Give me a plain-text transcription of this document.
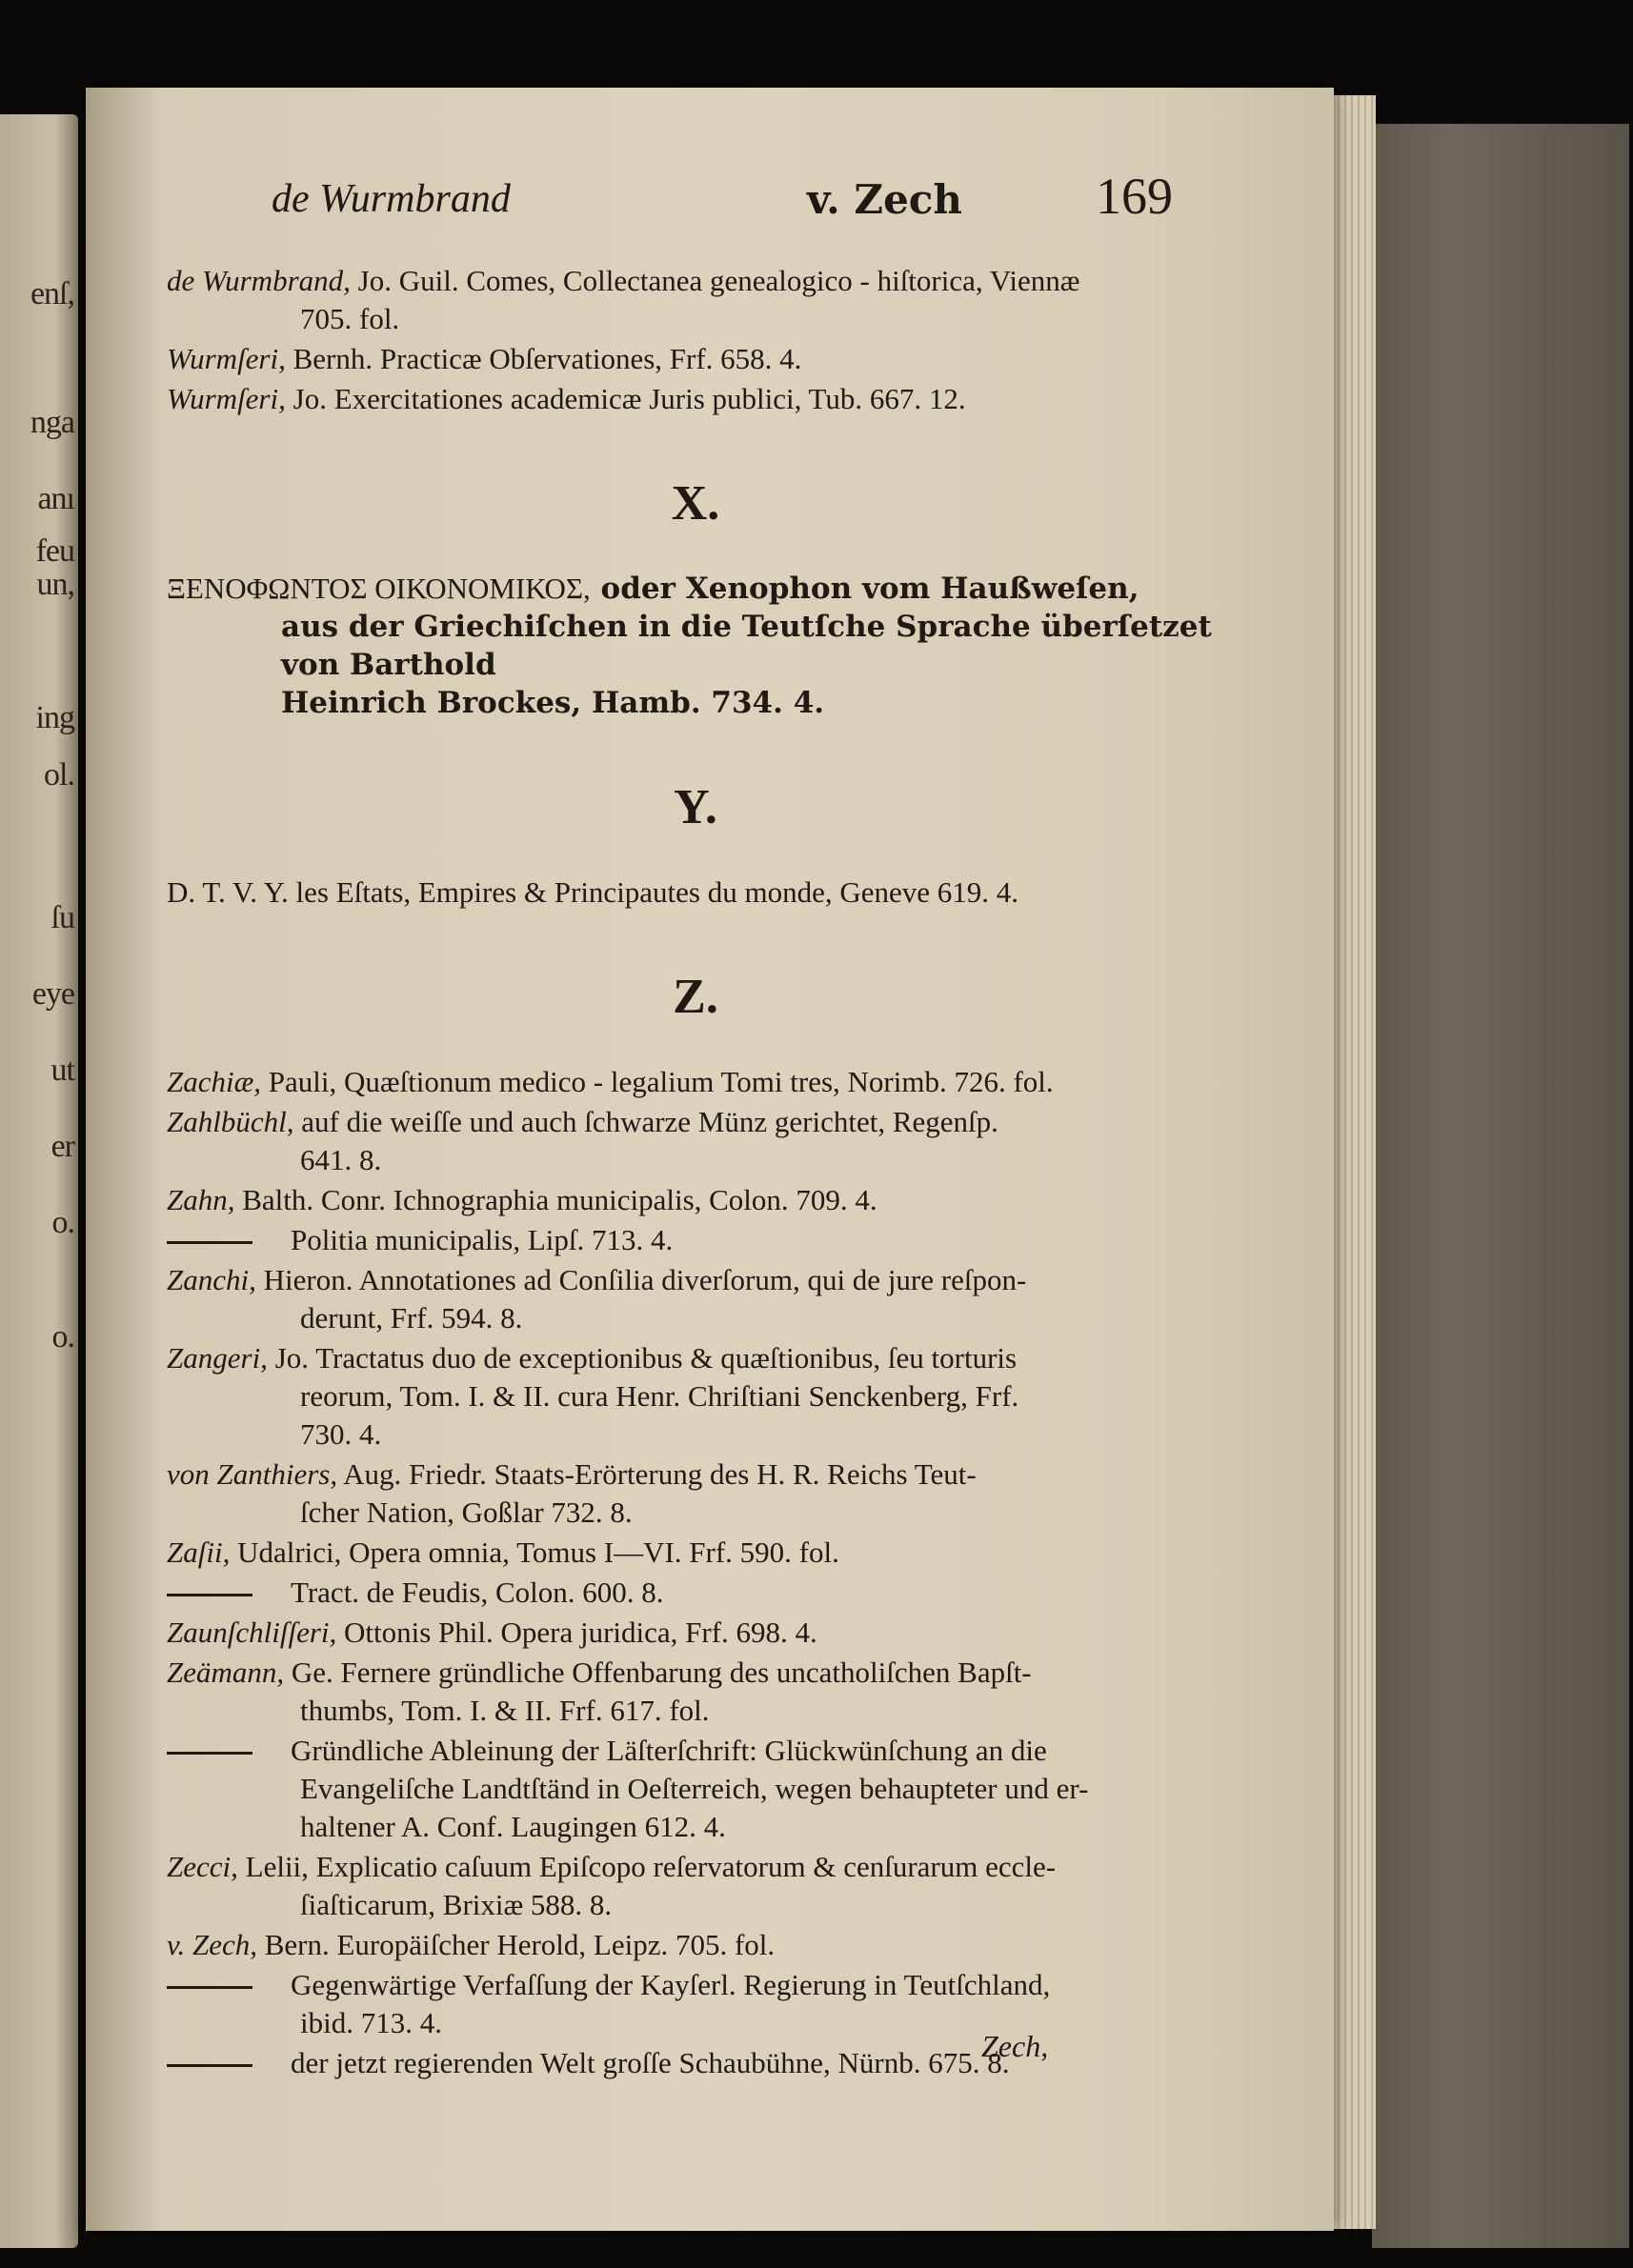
enſ,
nga
anı
feu
un,
ing
ol.
ſu
eye
ut
er
o.
o.
de Wurmbrand	v. Zech	169
de Wurmbrand, Jo. Guil. Comes, Collectanea genealogico - hiſtorica, Viennæ
705. fol.
Wurmſeri, Bernh. Practicæ Obſervationes, Frf. 658. 4.
Wurmſeri, Jo. Exercitationes academicæ Juris publici, Tub. 667. 12.
X.
ΞΕΝΟΦΩΝΤΟΣ ΟΙΚΟΝΟΜΙΚΟΣ, oder Xenophon vom Haußweſen,
aus der Griechiſchen in die Teutſche Sprache überſetzet von Barthold
Heinrich Brockes, Hamb. 734. 4.
Y.
D. T. V. Y. les Eſtats, Empires & Principautes du monde, Geneve 619. 4.
Z.
Zachiæ, Pauli, Quæſtionum medico - legalium Tomi tres, Norimb. 726. fol.
Zahlbüchl, auf die weiſſe und auch ſchwarze Münz gerichtet, Regenſp.
641. 8.
Zahn, Balth. Conr. Ichnographia municipalis, Colon. 709. 4.
Politia municipalis, Lipſ. 713. 4.
Zanchi, Hieron. Annotationes ad Conſilia diverſorum, qui de jure reſpon-
derunt, Frf. 594. 8.
Zangeri, Jo. Tractatus duo de exceptionibus & quæſtionibus, ſeu torturis
reorum, Tom. I. & II. cura Henr. Chriſtiani Senckenberg, Frf.
730. 4.
von Zanthiers, Aug. Friedr. Staats-Erörterung des H. R. Reichs Teut-
ſcher Nation, Goßlar 732. 8.
Zaſii, Udalrici, Opera omnia, Tomus I—VI. Frf. 590. fol.
Tract. de Feudis, Colon. 600. 8.
Zaunſchliſſeri, Ottonis Phil. Opera juridica, Frf. 698. 4.
Zeämann, Ge. Fernere gründliche Offenbarung des uncatholiſchen Bapſt-
thumbs, Tom. I. & II. Frf. 617. fol.
Gründliche Ableinung der Läſterſchrift: Glückwünſchung an die
Evangeliſche Landtſtänd in Oeſterreich, wegen behaupteter und er-
haltener A. Conf. Laugingen 612. 4.
Zecci, Lelii, Explicatio caſuum Epiſcopo reſervatorum & cenſurarum eccle-
ſiaſticarum, Brixiæ 588. 8.
v. Zech, Bern. Europäiſcher Herold, Leipz. 705. fol.
Gegenwärtige Verfaſſung der Kayſerl. Regierung in Teutſchland,
ibid. 713. 4.
der jetzt regierenden Welt groſſe Schaubühne, Nürnb. 675. 8.
Zech,
